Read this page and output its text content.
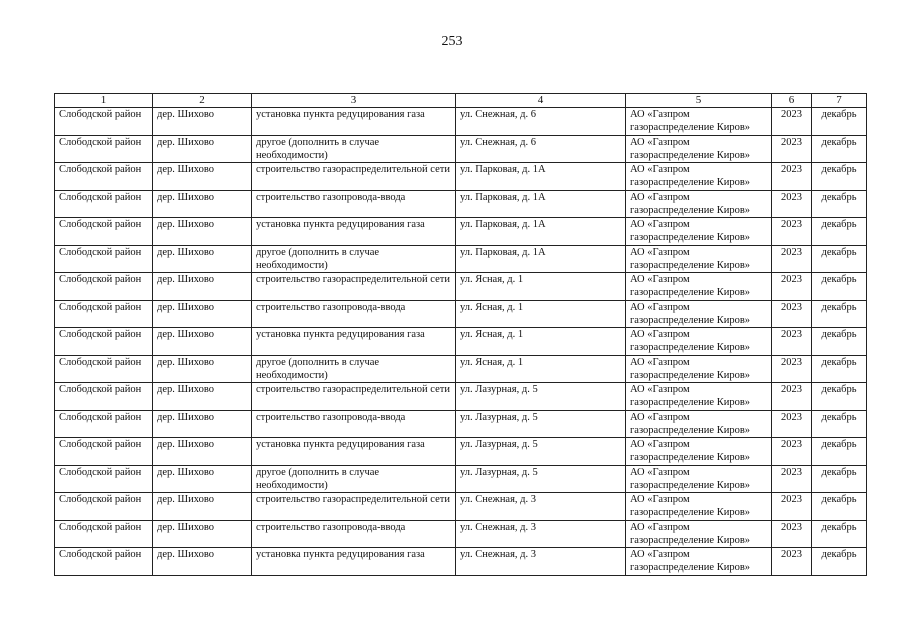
253
1	2	3	4	5	6	7
Слободской район	дер. Шихово	установка пункта редуцирования газа	ул. Снежная, д. 6	АО «Газпром газораспределение Киров»	2023	декабрь
Слободской район	дер. Шихово	другое (дополнить в случае необходимости)	ул. Снежная, д. 6	АО «Газпром газораспределение Киров»	2023	декабрь
Слободской район	дер. Шихово	строительство газораспределительной сети	ул. Парковая, д. 1А	АО «Газпром газораспределение Киров»	2023	декабрь
Слободской район	дер. Шихово	строительство газопровода-ввода	ул. Парковая, д. 1А	АО «Газпром газораспределение Киров»	2023	декабрь
Слободской район	дер. Шихово	установка пункта редуцирования газа	ул. Парковая, д. 1А	АО «Газпром газораспределение Киров»	2023	декабрь
Слободской район	дер. Шихово	другое (дополнить в случае необходимости)	ул. Парковая, д. 1А	АО «Газпром газораспределение Киров»	2023	декабрь
Слободской район	дер. Шихово	строительство газораспределительной сети	ул. Ясная, д. 1	АО «Газпром газораспределение Киров»	2023	декабрь
Слободской район	дер. Шихово	строительство газопровода-ввода	ул. Ясная, д. 1	АО «Газпром газораспределение Киров»	2023	декабрь
Слободской район	дер. Шихово	установка пункта редуцирования газа	ул. Ясная, д. 1	АО «Газпром газораспределение Киров»	2023	декабрь
Слободской район	дер. Шихово	другое (дополнить в случае необходимости)	ул. Ясная, д. 1	АО «Газпром газораспределение Киров»	2023	декабрь
Слободской район	дер. Шихово	строительство газораспределительной сети	ул. Лазурная, д. 5	АО «Газпром газораспределение Киров»	2023	декабрь
Слободской район	дер. Шихово	строительство газопровода-ввода	ул. Лазурная, д. 5	АО «Газпром газораспределение Киров»	2023	декабрь
Слободской район	дер. Шихово	установка пункта редуцирования газа	ул. Лазурная, д. 5	АО «Газпром газораспределение Киров»	2023	декабрь
Слободской район	дер. Шихово	другое (дополнить в случае необходимости)	ул. Лазурная, д. 5	АО «Газпром газораспределение Киров»	2023	декабрь
Слободской район	дер. Шихово	строительство газораспределительной сети	ул. Снежная, д. 3	АО «Газпром газораспределение Киров»	2023	декабрь
Слободской район	дер. Шихово	строительство газопровода-ввода	ул. Снежная, д. 3	АО «Газпром газораспределение Киров»	2023	декабрь
Слободской район	дер. Шихово	установка пункта редуцирования газа	ул. Снежная, д. 3	АО «Газпром газораспределение Киров»	2023	декабрь
